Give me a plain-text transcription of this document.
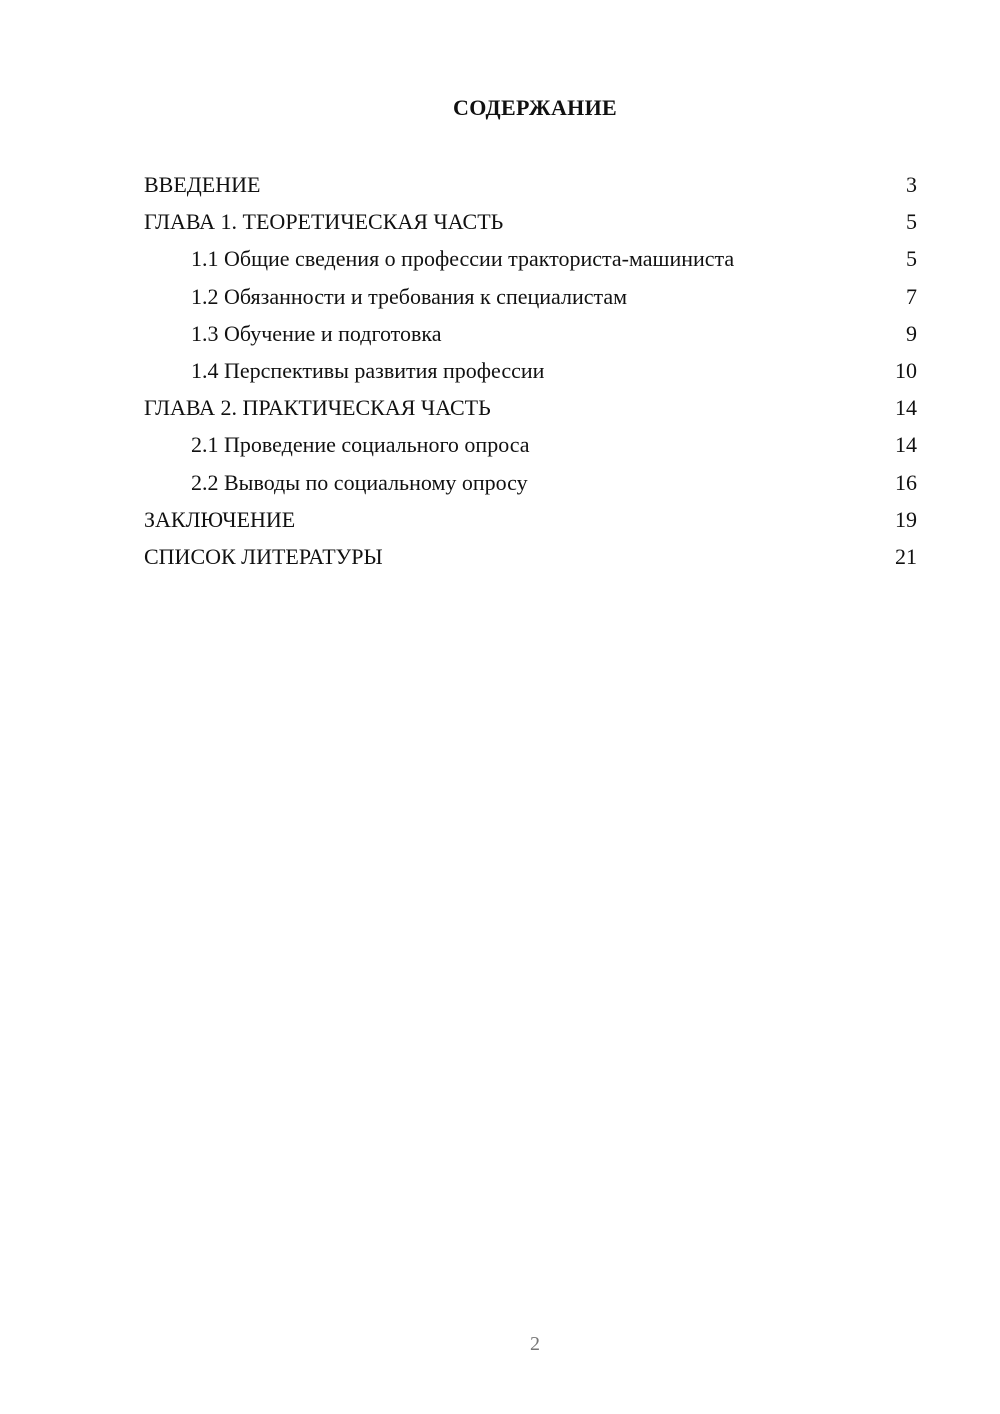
СОДЕРЖАНИЕ
ВВЕДЕНИЕ	3
ГЛАВА 1. ТЕОРЕТИЧЕСКАЯ ЧАСТЬ	5
1.1 Общие сведения о профессии тракториста-машиниста	5
1.2 Обязанности и требования к специалистам	7
1.3 Обучение и подготовка	9
1.4 Перспективы развития профессии	10
ГЛАВА 2. ПРАКТИЧЕСКАЯ ЧАСТЬ	14
2.1 Проведение социального опроса	14
2.2 Выводы по социальному опросу	16
ЗАКЛЮЧЕНИЕ	19
СПИСОК ЛИТЕРАТУРЫ	21
2
